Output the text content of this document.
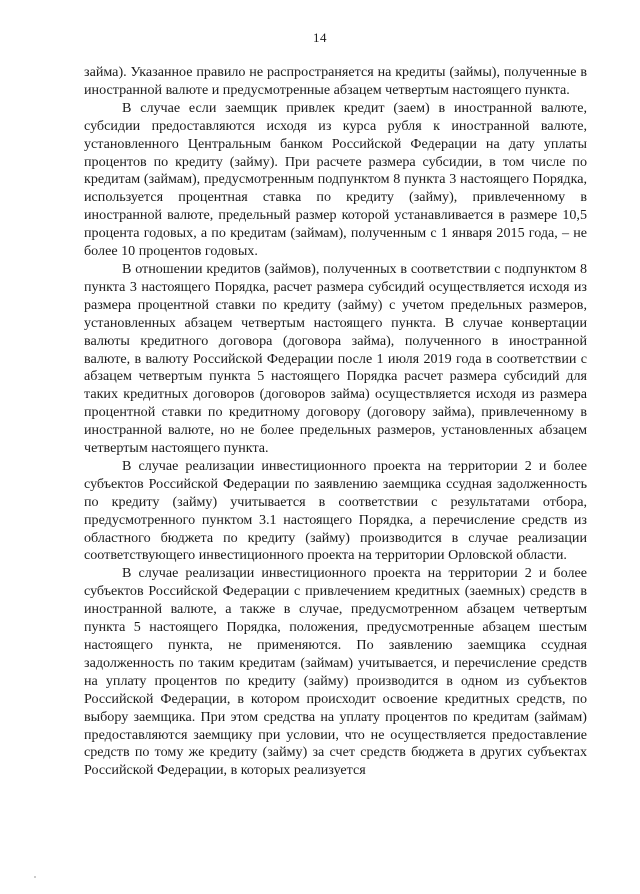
14

займа). Указанное правило не распространяется на кредиты (займы), полученные в иностранной валюте и предусмотренные абзацем четвертым настоящего пункта.

В случае если заемщик привлек кредит (заем) в иностранной валюте, субсидии предоставляются исходя из курса рубля к иностранной валюте, установленного Центральным банком Российской Федерации на дату уплаты процентов по кредиту (займу). При расчете размера субсидии, в том числе по кредитам (займам), предусмотренным подпунктом 8 пункта 3 настоящего Порядка, используется процентная ставка по кредиту (займу), привлеченному в иностранной валюте, предельный размер которой устанавливается в размере 10,5 процента годовых, а по кредитам (займам), полученным с 1 января 2015 года, – не более 10 процентов годовых.

В отношении кредитов (займов), полученных в соответствии с подпунктом 8 пункта 3 настоящего Порядка, расчет размера субсидий осуществляется исходя из размера процентной ставки по кредиту (займу) с учетом предельных размеров, установленных абзацем четвертым настоящего пункта. В случае конвертации валюты кредитного договора (договора займа), полученного в иностранной валюте, в валюту Российской Федерации после 1 июля 2019 года в соответствии с абзацем четвертым пункта 5 настоящего Порядка расчет размера субсидий для таких кредитных договоров (договоров займа) осуществляется исходя из размера процентной ставки по кредитному договору (договору займа), привлеченному в иностранной валюте, но не более предельных размеров, установленных абзацем четвертым настоящего пункта.

В случае реализации инвестиционного проекта на территории 2 и более субъектов Российской Федерации по заявлению заемщика ссудная задолженность по кредиту (займу) учитывается в соответствии с результатами отбора, предусмотренного пунктом 3.1 настоящего Порядка, а перечисление средств из областного бюджета по кредиту (займу) производится в случае реализации соответствующего инвестиционного проекта на территории Орловской области.

В случае реализации инвестиционного проекта на территории 2 и более субъектов Российской Федерации с привлечением кредитных (заемных) средств в иностранной валюте, а также в случае, предусмотренном абзацем четвертым пункта 5 настоящего Порядка, положения, предусмотренные абзацем шестым настоящего пункта, не применяются. По заявлению заемщика ссудная задолженность по таким кредитам (займам) учитывается, и перечисление средств на уплату процентов по кредиту (займу) производится в одном из субъектов Российской Федерации, в котором происходит освоение кредитных средств, по выбору заемщика. При этом средства на уплату процентов по кредитам (займам) предоставляются заемщику при условии, что не осуществляется предоставление средств по тому же кредиту (займу) за счет средств бюджета в других субъектах Российской Федерации, в которых реализуется
